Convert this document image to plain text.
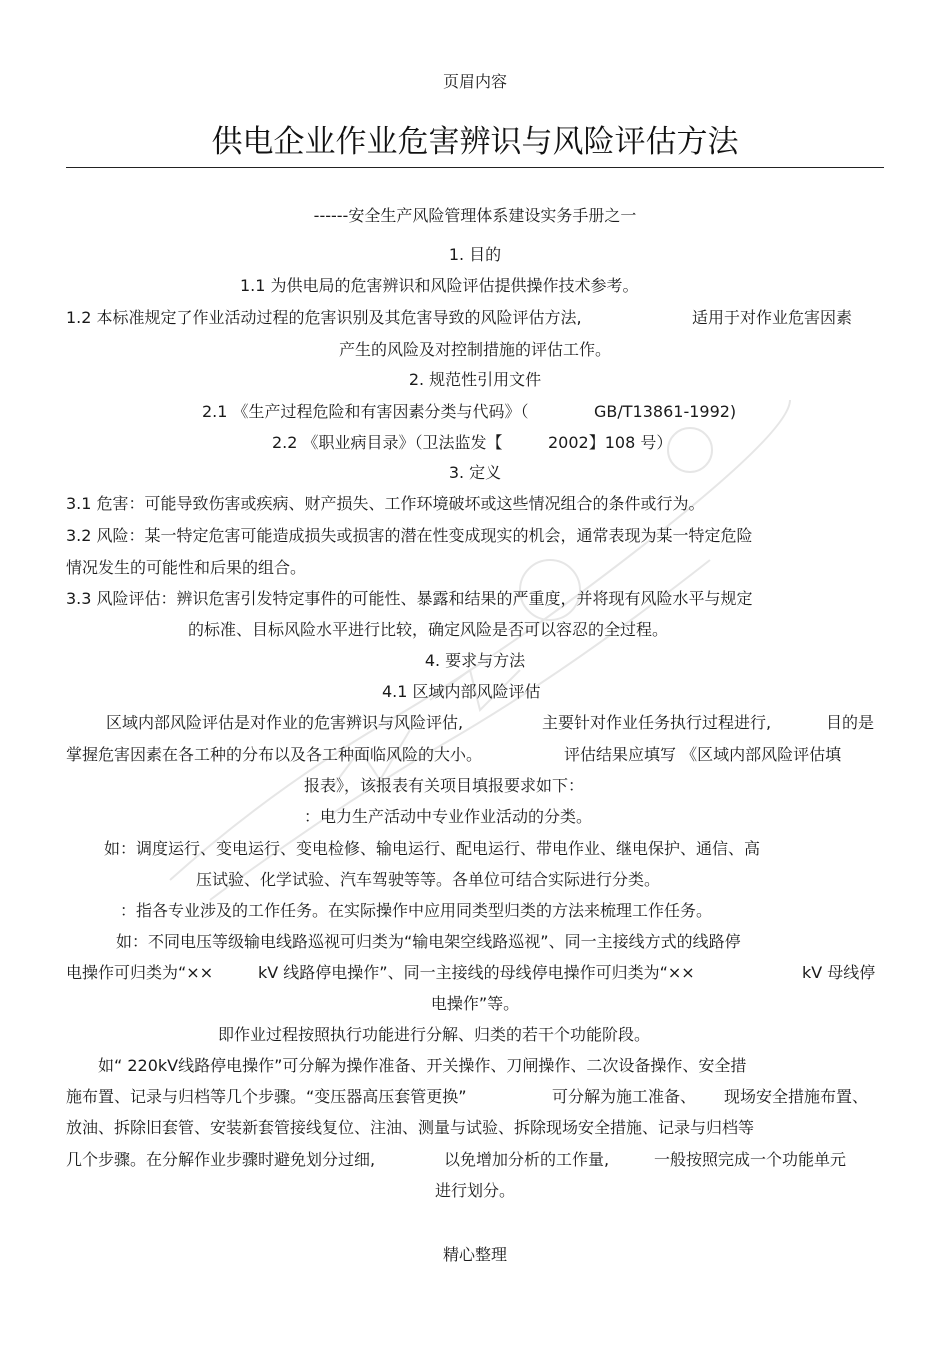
页眉内容
供电企业作业危害辨识与风险评估方法
------安全生产风险管理体系建设实务手册之一
1. 目的
1.1 为供电局的危害辨识和风险评估提供操作技术参考。
1.2 本标准规定了作业活动过程的危害识别及其危害导致的风险评估方法,	适用于对作业危害因素
产生的风险及对控制措施的评估工作。
2. 规范性引用文件
2.1 《生产过程危险和有害因素分类与代码》（	GB/T13861-1992)
2.2 《职业病目录》（卫法监发【	2002】108 号）
3. 定义
3.1 危害：可能导致伤害或疾病、财产损失、工作环境破坏或这些情况组合的条件或行为。
3.2 风险：某一特定危害可能造成损失或损害的潜在性变成现实的机会，通常表现为某一特定危险
情况发生的可能性和后果的组合。
3.3 风险评估：辨识危害引发特定事件的可能性、暴露和结果的严重度，并将现有风险水平与规定
的标准、目标风险水平进行比较，确定风险是否可以容忍的全过程。
4. 要求与方法
4.1 区域内部风险评估
区域内部风险评估是对作业的危害辨识与风险评估,	主要针对作业任务执行过程进行,	目的是
掌握危害因素在各工种的分布以及各工种面临风险的大小。	评估结果应填写 《区域内部风险评估填
报表》，该报表有关项目填报要求如下：
：电力生产活动中专业作业活动的分类。
如：调度运行、变电运行、变电检修、输电运行、配电运行、带电作业、继电保护、通信、高
压试验、化学试验、汽车驾驶等等。各单位可结合实际进行分类。
：指各专业涉及的工作任务。在实际操作中应用同类型归类的方法来梳理工作任务。
如：不同电压等级输电线路巡视可归类为“输电架空线路巡视”、同一主接线方式的线路停
电操作可归类为“××	kV 线路停电操作”、同一主接线的母线停电操作可归类为“××	kV 母线停
电操作”等。
即作业过程按照执行功能进行分解、归类的若干个功能阶段。
如“ 220kV线路停电操作”可分解为操作准备、开关操作、刀闸操作、二次设备操作、安全措
施布置、记录与归档等几个步骤。“变压器高压套管更换”	可分解为施工准备、 现场安全措施布置、
放油、拆除旧套管、安装新套管接线复位、注油、测量与试验、拆除现场安全措施、记录与归档等
几个步骤。在分解作业步骤时避免划分过细,	以免增加分析的工作量,	一般按照完成一个功能单元
进行划分。
精心整理
